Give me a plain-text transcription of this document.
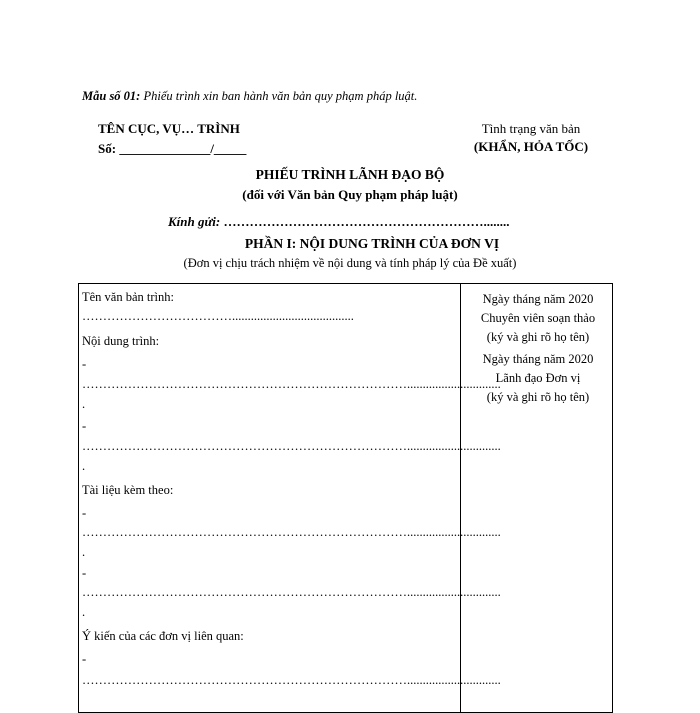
Mẫu số 01: Phiếu trình xin ban hành văn bản quy phạm pháp luật.
TÊN CỤC, VỤ… TRÌNH
Số: ______________/_____
Tình trạng văn bản
(KHẨN, HỎA TỐC)
PHIẾU TRÌNH LÃNH ĐẠO BỘ
(đối với Văn bản Quy phạm pháp luật)
Kính gửi: ……………………………………………………........
PHẦN I: NỘI DUNG TRÌNH CỦA ĐƠN VỊ
(Đơn vị chịu trách nhiệm về nội dung và tính pháp lý của Đề xuất)
Tên văn bản trình:
……………………………….......................................
Nội dung trình:
-
……………………………………………………………………..............................
.
-
……………………………………………………………………..............................
.
Tài liệu kèm theo:
-
……………………………………………………………………..............................
.
-
……………………………………………………………………..............................
.
Ý kiến của các đơn vị liên quan:
-
……………………………………………………………………..............................
Ngày tháng năm 2020
Chuyên viên soạn thảo
(ký và ghi rõ họ tên)
Ngày tháng năm 2020
Lãnh đạo Đơn vị
(ký và ghi rõ họ tên)
